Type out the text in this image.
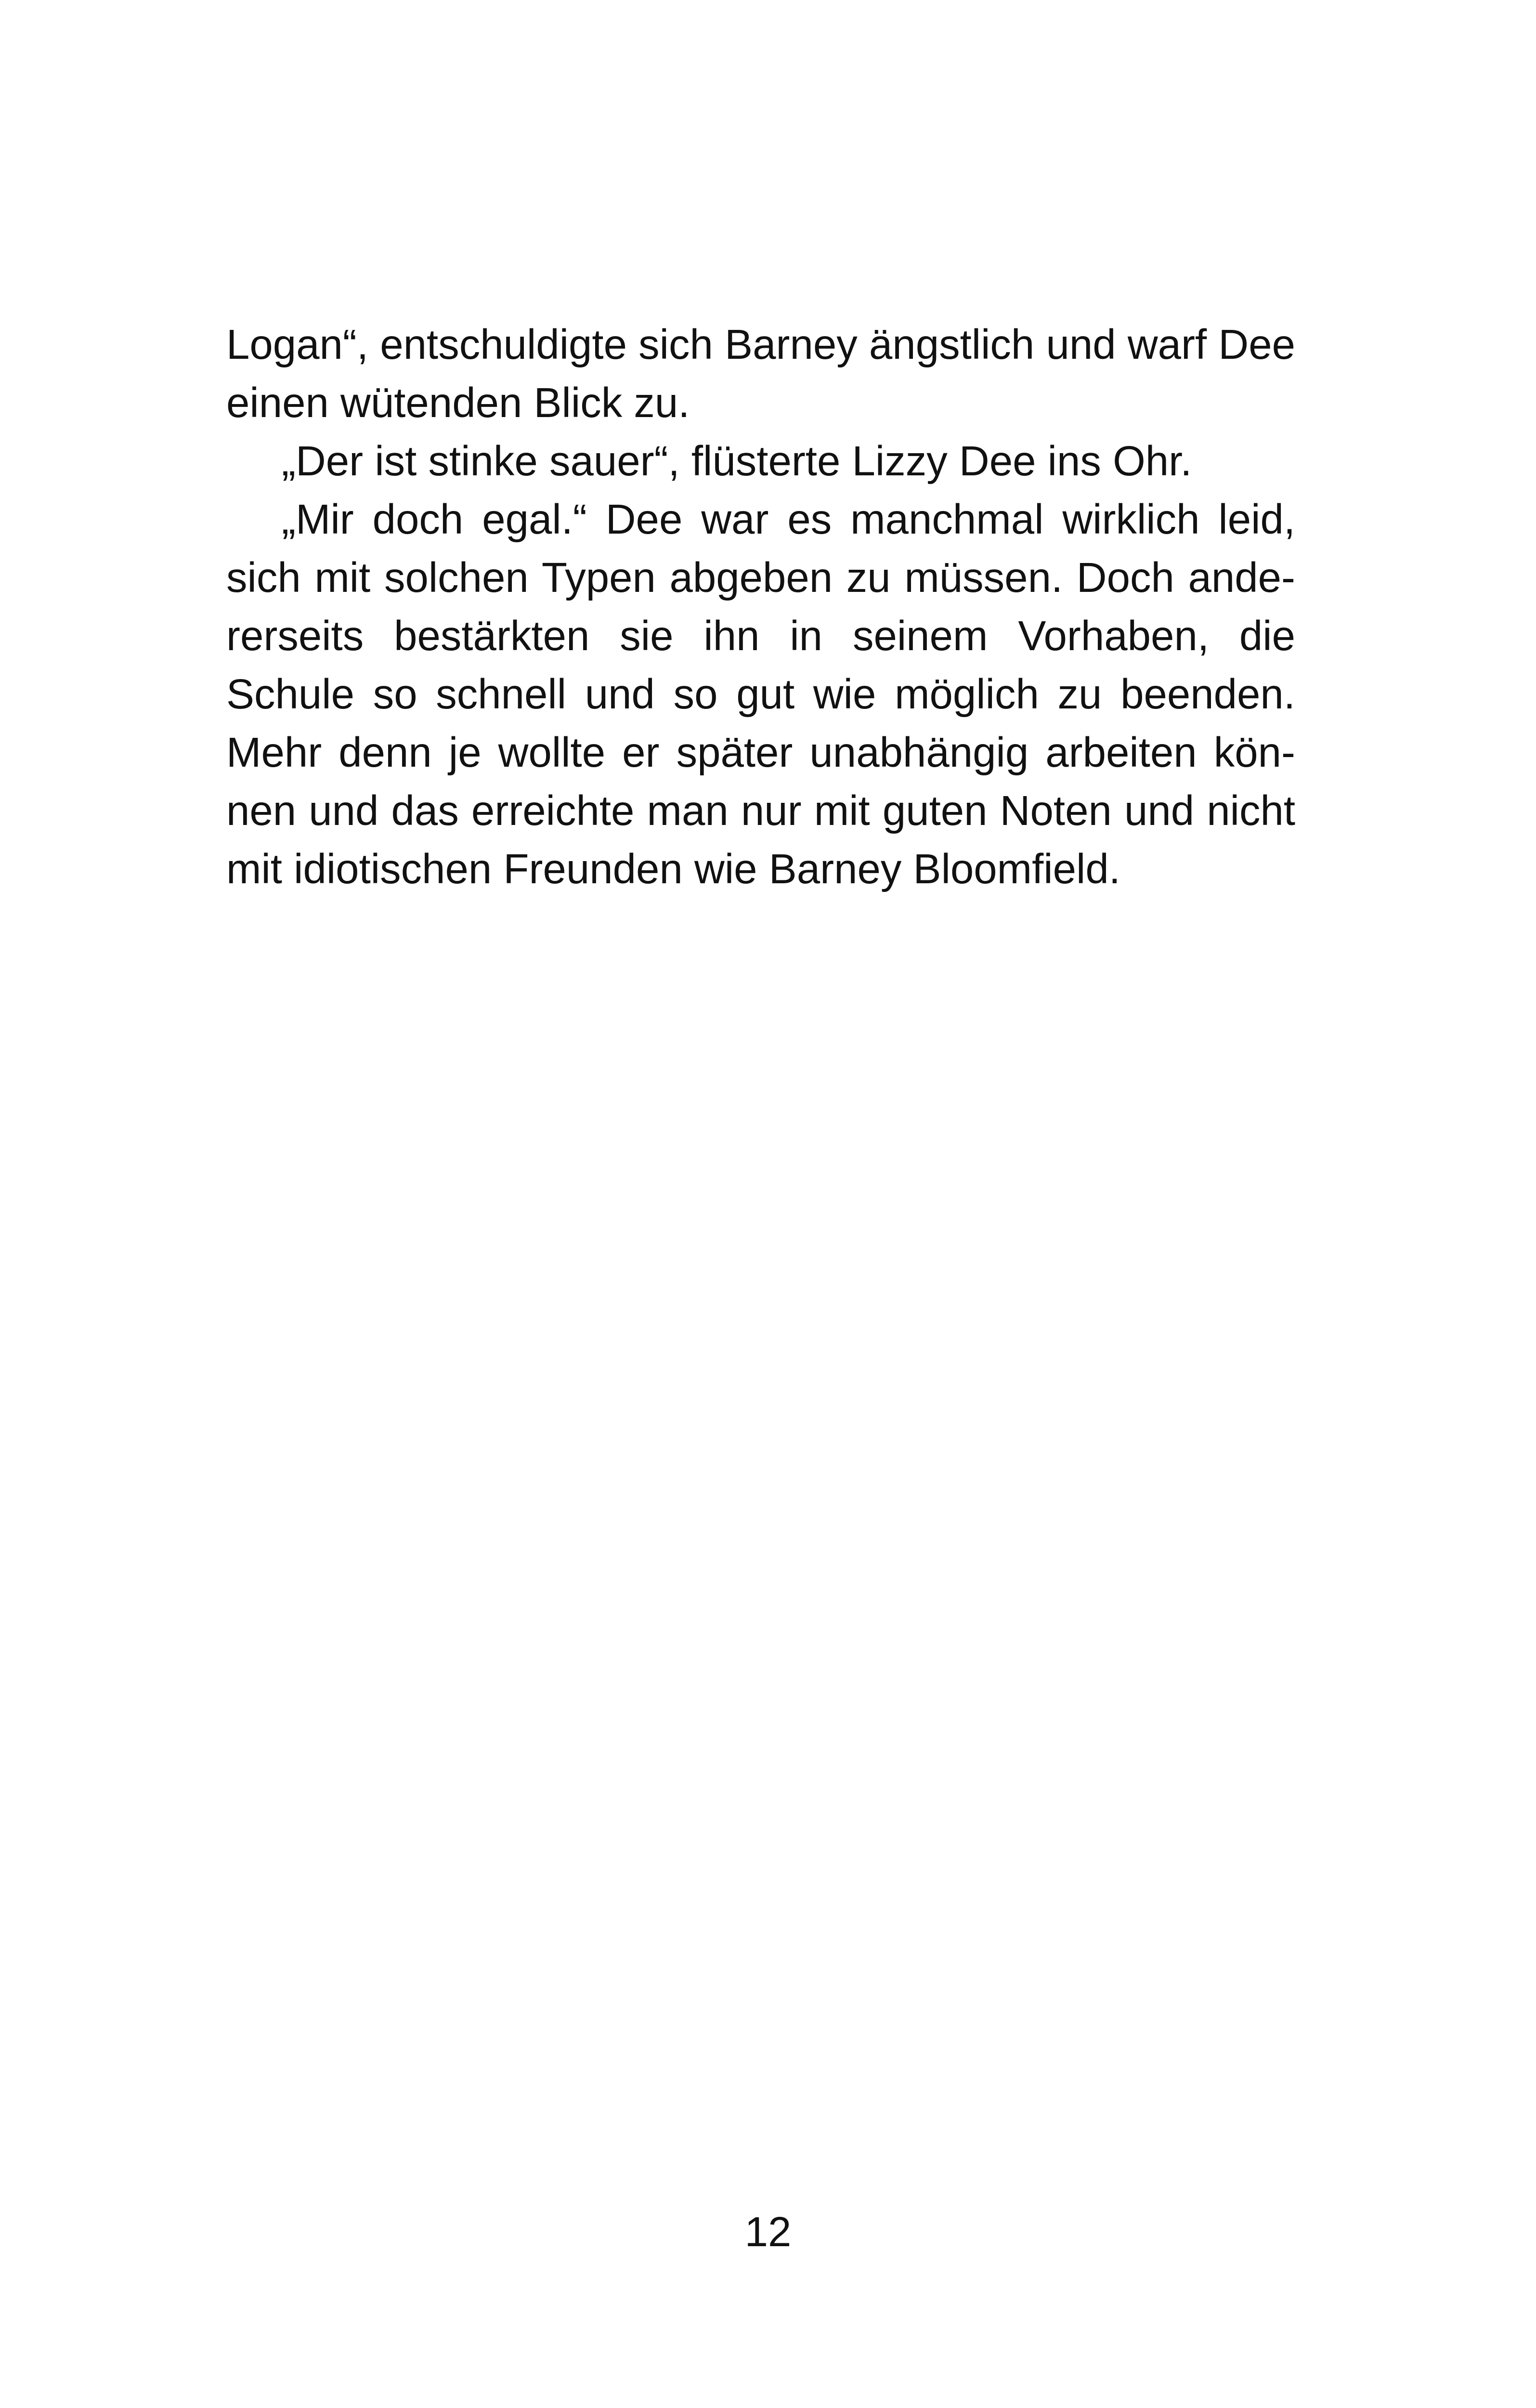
Logan“, entschuldigte sich Barney ängstlich und warf Dee einen wütenden Blick zu.

„Der ist stinke sauer“, flüsterte Lizzy Dee ins Ohr.

„Mir doch egal.“ Dee war es manchmal wirklich leid, sich mit solchen Typen abgeben zu müssen. Doch andererseits bestärkten sie ihn in seinem Vorhaben, die Schule so schnell und so gut wie möglich zu beenden. Mehr denn je wollte er später unabhängig arbeiten können und das erreichte man nur mit guten Noten und nicht mit idiotischen Freunden wie Barney Bloomfield.

12
